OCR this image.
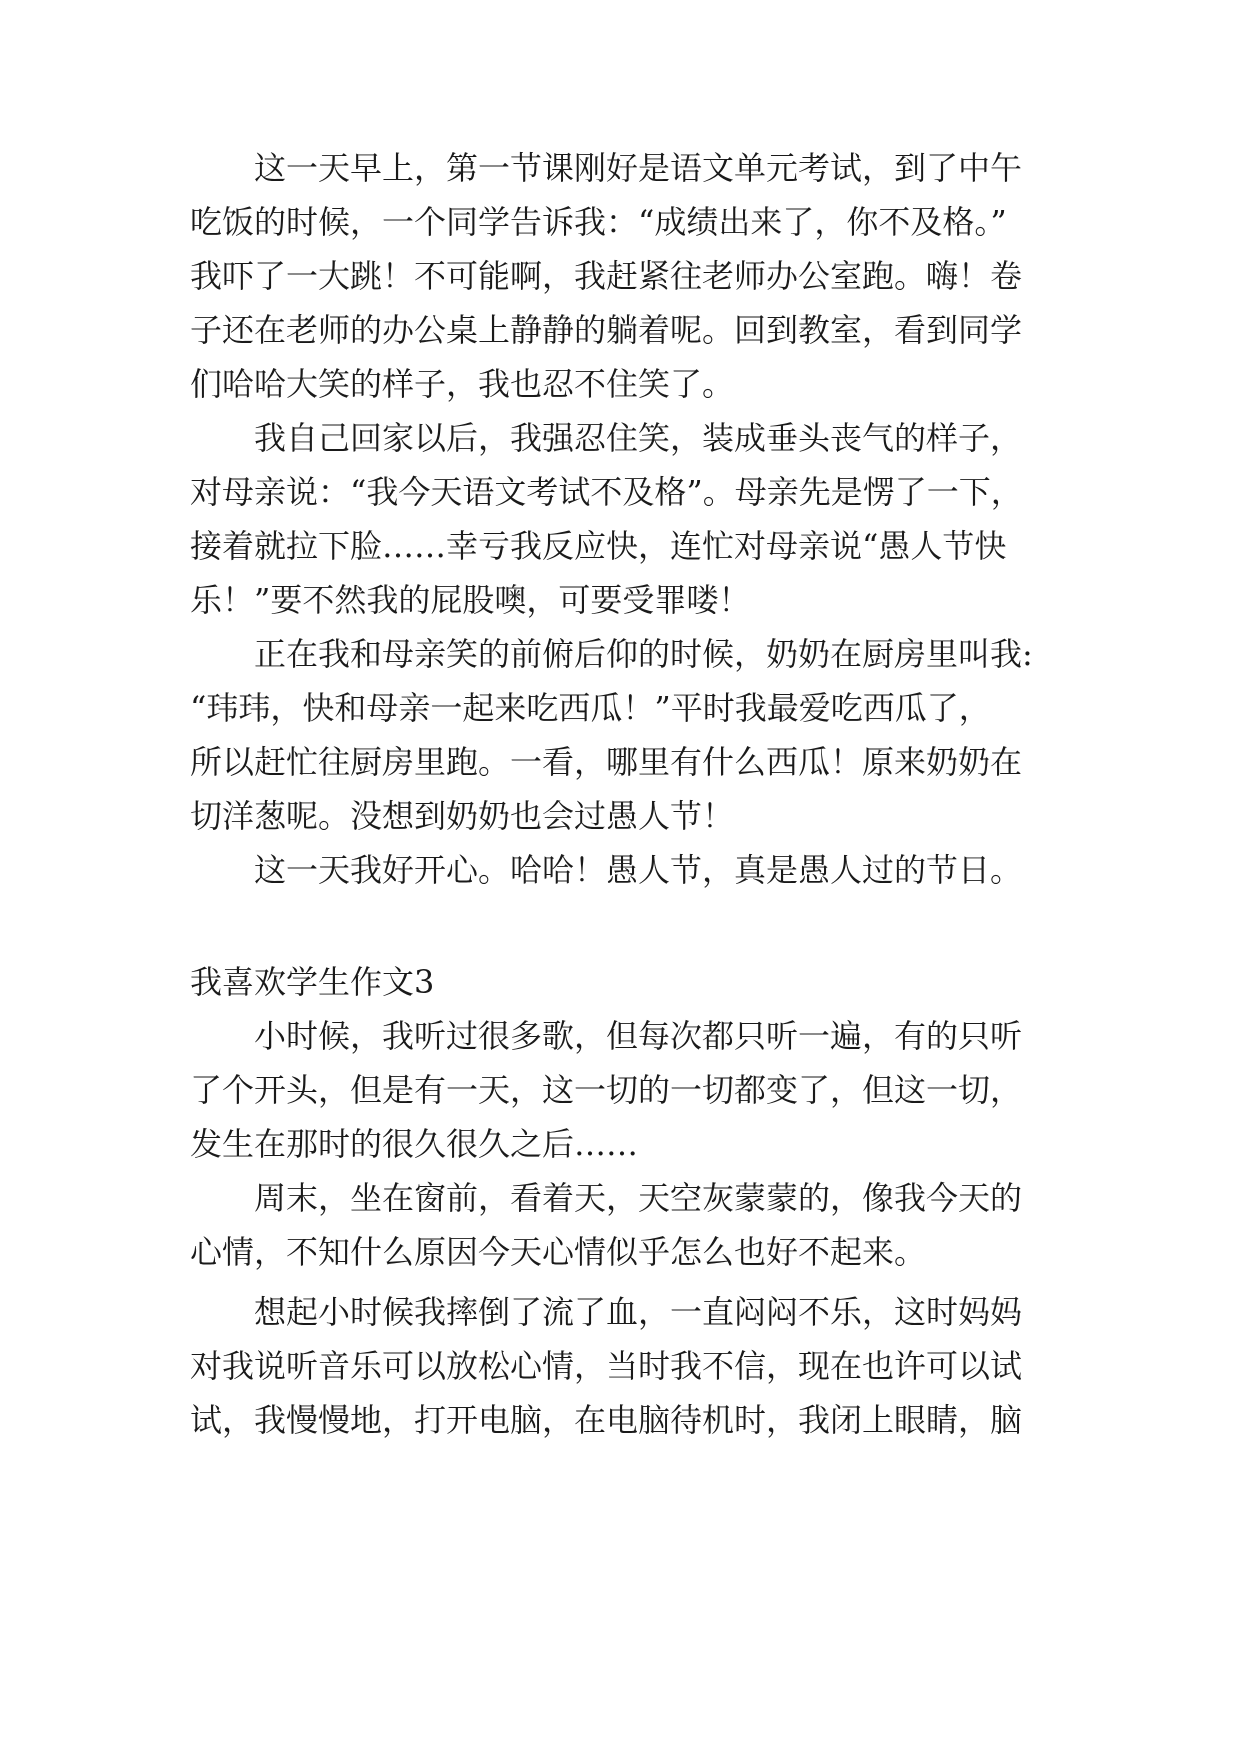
这一天早上，第一节课刚好是语文单元考试，到了中午
吃饭的时候，一个同学告诉我：“成绩出来了，你不及格。”
我吓了一大跳！不可能啊，我赶紧往老师办公室跑。嗨！卷
子还在老师的办公桌上静静的躺着呢。回到教室，看到同学
们哈哈大笑的样子，我也忍不住笑了。
我自己回家以后，我强忍住笑，装成垂头丧气的样子，
对母亲说：“我今天语文考试不及格”。母亲先是愣了一下，
接着就拉下脸……幸亏我反应快，连忙对母亲说“愚人节快
乐！”要不然我的屁股噢，可要受罪喽！
正在我和母亲笑的前俯后仰的时候，奶奶在厨房里叫我:
“玮玮，快和母亲一起来吃西瓜！”平时我最爱吃西瓜了，
所以赶忙往厨房里跑。一看，哪里有什么西瓜！原来奶奶在
切洋葱呢。没想到奶奶也会过愚人节！
这一天我好开心。哈哈！愚人节，真是愚人过的节日。
我喜欢学生作文3
小时候，我听过很多歌，但每次都只听一遍，有的只听
了个开头，但是有一天，这一切的一切都变了，但这一切，
发生在那时的很久很久之后……
周末，坐在窗前，看着天，天空灰蒙蒙的，像我今天的
心情，不知什么原因今天心情似乎怎么也好不起来。
想起小时候我摔倒了流了血，一直闷闷不乐，这时妈妈
对我说听音乐可以放松心情，当时我不信，现在也许可以试
试，我慢慢地，打开电脑，在电脑待机时，我闭上眼睛，脑
